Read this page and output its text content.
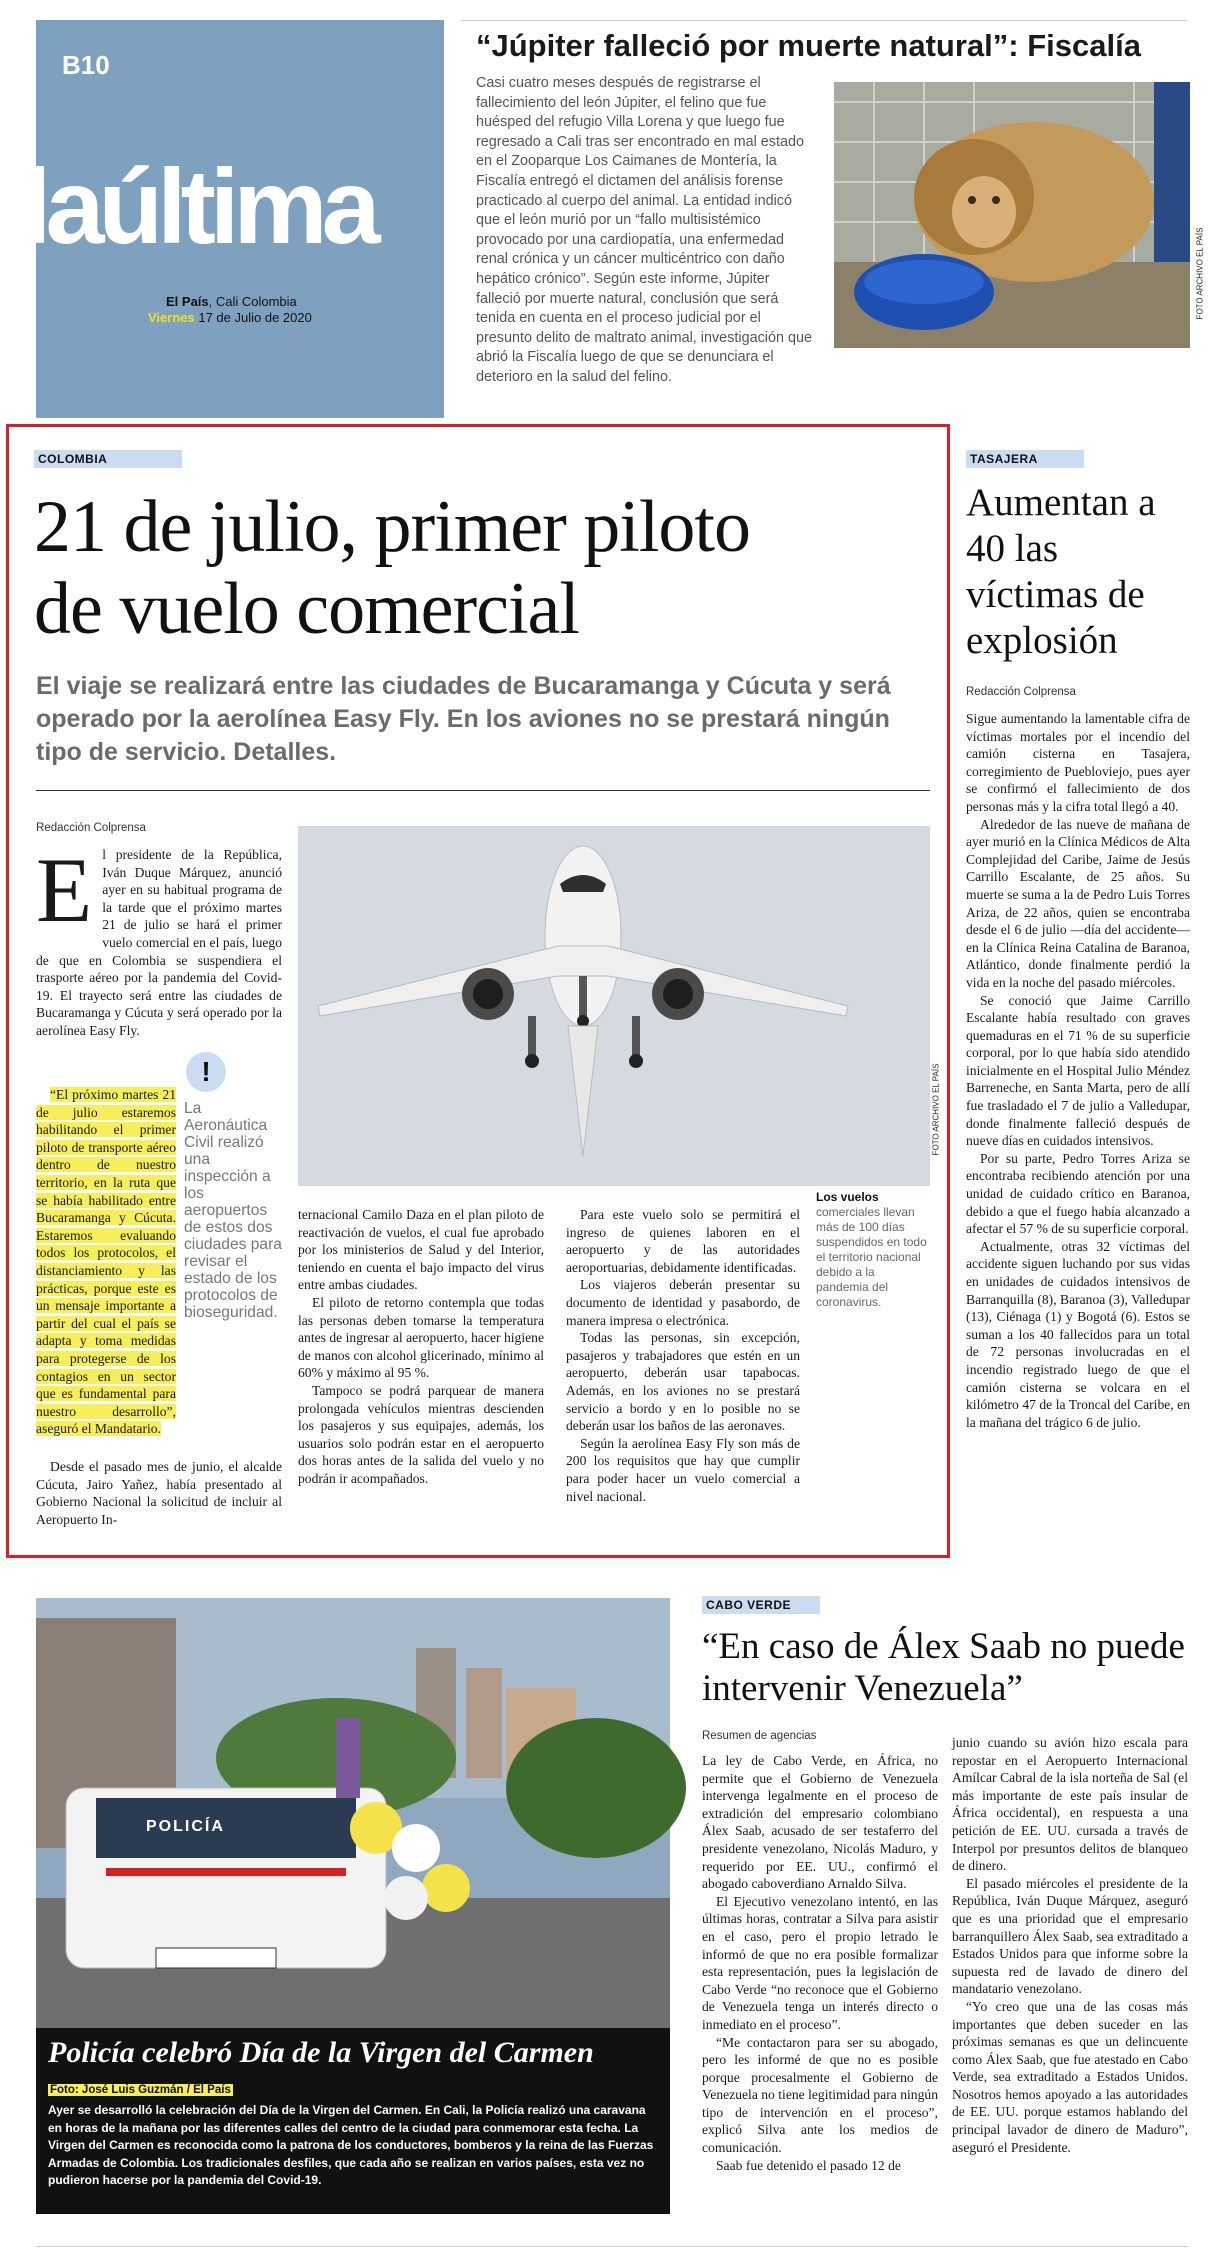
B10
laúltima
El País, Cali Colombia
Viernes 17 de Julio de 2020
“Júpiter falleció por muerte natural”: Fiscalía
FOTO ARCHIVO EL PAÍS
Casi cuatro meses después de registrarse el fallecimiento del león Júpiter, el felino que fue huésped del refugio Villa Lorena y que luego fue regresado a Cali tras ser encontrado en mal estado en el Zooparque Los Caimanes de Montería, la Fiscalía entregó el dictamen del análisis forense practicado al cuerpo del animal. La entidad indicó que el león murió por un “fallo multisistémico provocado por una cardiopatía, una enfermedad renal crónica y un cáncer multicéntrico con daño hepático crónico”. Según este informe, Júpiter falleció por muerte natural, conclusión que será tenida en cuenta en el proceso judicial por el presunto delito de maltrato animal, investigación que abrió la Fiscalía luego de que se denunciara el deterioro en la salud del felino.
COLOMBIA
21 de julio, primer piloto
de vuelo comercial
El viaje se realizará entre las ciudades de Bucaramanga y Cúcuta y será operado por la aerolínea Easy Fly. En los aviones no se prestará ningún tipo de servicio. Detalles.
Redacción Colprensa
E l presidente de la República, Iván Duque Márquez, anunció ayer en su habitual programa de la tarde que el próximo martes 21 de julio se hará el primer vuelo comercial en el país, luego de que en Colombia se suspendiera el trasporte aéreo por la pandemia del Covid-19. El trayecto será entre las ciudades de Bucaramanga y Cúcuta y será operado por la aerolínea Easy Fly.

“El próximo martes 21 de julio estaremos habilitando el primer piloto de transporte aéreo dentro de nuestro territorio, en la ruta que se había habilitado entre Bucaramanga y Cúcuta. Estaremos evaluando todos los protocolos, el distanciamiento y las prácticas, porque este es un mensaje importante a partir del cual el país se adapta y toma medidas para protegerse de los contagios en un sector que es fundamental para nuestro desarrollo”, aseguró el Mandatario.

Desde el pasado mes de junio, el alcalde Cúcuta, Jairo Yañez, había presentado al Gobierno Nacional la solicitud de incluir al Aeropuerto In-

!
La Aeronáutica Civil realizó una inspección a los aeropuertos de estos dos ciudades para revisar el estado de los protocolos de bioseguridad.
FOTO ARCHIVO EL PAÍS

ternacional Camilo Daza en el plan piloto de reactivación de vuelos, el cual fue aprobado por los ministerios de Salud y del Interior, teniendo en cuenta el bajo impacto del virus entre ambas ciudades.

El piloto de retorno contempla que todas las personas deben tomarse la temperatura antes de ingresar al aeropuerto, hacer higiene de manos con alcohol glicerinado, mínimo al 60% y máximo al 95 %.

Tampoco se podrá parquear de manera prolongada vehículos mientras descienden los pasajeros y sus equipajes, además, los usuarios solo podrán estar en el aeropuerto dos horas antes de la salida del vuelo y no podrán ir acompañados.

Para este vuelo solo se permitirá el ingreso de quienes laboren en el aeropuerto y de las autoridades aeroportuarias, debidamente identificadas.

Los viajeros deberán presentar su documento de identidad y pasabordo, de manera impresa o electrónica.

Todas las personas, sin excepción, pasajeros y trabajadores que estén en un aeropuerto, deberán usar tapabocas. Además, en los aviones no se prestará servicio a bordo y en lo posible no se deberán usar los baños de las aeronaves.

Según la aerolínea Easy Fly son más de 200 los requisitos que hay que cumplir para poder hacer un vuelo comercial a nivel nacional.

Los vuelos comerciales llevan más de 100 días suspendidos en todo el territorio nacional debido a la pandemia del coronavirus.
TASAJERA
Aumentan a 40 las víctimas de explosión
Redacción Colprensa

Sigue aumentando la lamentable cifra de víctimas mortales por el incendio del camión cisterna en Tasajera, corregimiento de Puebloviejo, pues ayer se confirmó el fallecimiento de dos personas más y la cifra total llegó a 40.

Alrededor de las nueve de mañana de ayer murió en la Clínica Médicos de Alta Complejidad del Caribe, Jaime de Jesús Carrillo Escalante, de 25 años. Su muerte se suma a la de Pedro Luis Torres Ariza, de 22 años, quien se encontraba desde el 6 de julio —día del accidente— en la Clínica Reina Catalina de Baranoa, Atlántico, donde finalmente perdió la vida en la noche del pasado miércoles.

Se conoció que Jaime Carrillo Escalante había resultado con graves quemaduras en el 71 % de su superficie corporal, por lo que había sido atendido inicialmente en el Hospital Julio Méndez Barreneche, en Santa Marta, pero de allí fue trasladado el 7 de julio a Valledupar, donde finalmente falleció después de nueve días en cuidados intensivos.

Por su parte, Pedro Torres Ariza se encontraba recibiendo atención por una unidad de cuidado crítico en Baranoa, debido a que el fuego había alcanzado a afectar el 57 % de su superficie corporal.

Actualmente, otras 32 víctimas del accidente siguen luchando por sus vidas en unidades de cuidados intensivos de Barranquilla (8), Baranoa (3), Valledupar (13), Ciénaga (1) y Bogotá (6). Estos se suman a los 40 fallecidos para un total de 72 personas involucradas en el incendio registrado luego de que el camión cisterna se volcara en el kilómetro 47 de la Troncal del Caribe, en la mañana del trágico 6 de julio.

POLICÍA
Policía celebró Día de la Virgen del Carmen
Foto: José Luis Guzmán / El País
Ayer se desarrolló la celebración del Día de la Virgen del Carmen. En Cali, la Policía realizó una caravana en horas de la mañana por las diferentes calles del centro de la ciudad para conmemorar esta fecha. La Virgen del Carmen es reconocida como la patrona de los conductores, bomberos y la reina de las Fuerzas Armadas de Colombia. Los tradicionales desfiles, que cada año se realizan en varios países, esta vez no pudieron hacerse por la pandemia del Covid-19.
CABO VERDE
“En caso de Álex Saab no puede intervenir Venezuela”
Resumen de agencias

La ley de Cabo Verde, en África, no permite que el Gobierno de Venezuela intervenga legalmente en el proceso de extradición del empresario colombiano Álex Saab, acusado de ser testaferro del presidente venezolano, Nicolás Maduro, y requerido por EE. UU., confirmó el abogado caboverdiano Arnaldo Silva.

El Ejecutivo venezolano intentó, en las últimas horas, contratar a Silva para asistir en el caso, pero el propio letrado le informó de que no era posible formalizar esta representación, pues la legislación de Cabo Verde “no reconoce que el Gobierno de Venezuela tenga un interés directo o inmediato en el proceso”.

“Me contactaron para ser su abogado, pero les informé de que no es posible porque procesalmente el Gobierno de Venezuela no tiene legitimidad para ningún tipo de intervención en el proceso”, explicó Silva ante los medios de comunicación.

Saab fue detenido el pasado 12 de

junio cuando su avión hizo escala para repostar en el Aeropuerto Internacional Amílcar Cabral de la isla norteña de Sal (el más importante de este país insular de África occidental), en respuesta a una petición de EE. UU. cursada a través de Interpol por presuntos delitos de blanqueo de dinero.

El pasado miércoles el presidente de la República, Iván Duque Márquez, aseguró que es una prioridad que el empresario barranquillero Álex Saab, sea extraditado a Estados Unidos para que informe sobre la supuesta red de lavado de dinero del mandatario venezolano.

“Yo creo que una de las cosas más importantes que deben suceder en las próximas semanas es que un delincuente como Álex Saab, que fue atestado en Cabo Verde, sea extraditado a Estados Unidos. Nosotros hemos apoyado a las autoridades de EE. UU. porque estamos hablando del principal lavador de dinero de Maduro”, aseguró el Presidente.
